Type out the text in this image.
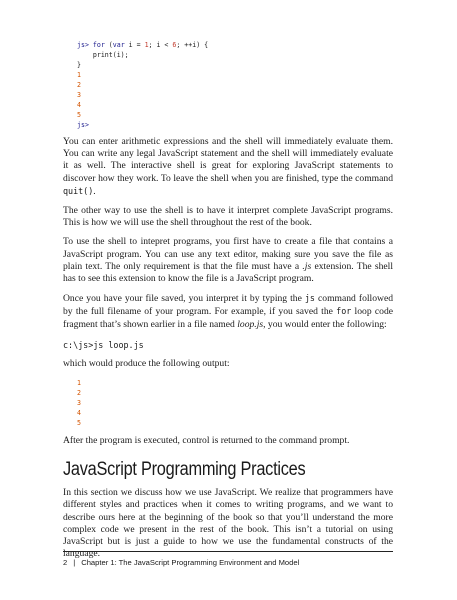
js> for (var i = 1; i < 6; ++i) {
print(i);
}
1
2
3
4
5
js>

You can enter arithmetic expressions and the shell will immediately evaluate them. You can write any legal JavaScript statement and the shell will immediately evaluate it as well. The interactive shell is great for exploring JavaScript statements to discover how they work. To leave the shell when you are finished, type the command quit().

The other way to use the shell is to have it interpret complete JavaScript programs. This is how we will use the shell throughout the rest of the book.

To use the shell to intepret programs, you first have to create a file that contains a JavaScript program. You can use any text editor, making sure you save the file as plain text. The only requirement is that the file must have a .js extension. The shell has to see this extension to know the file is a JavaScript program.

Once you have your file saved, you interpret it by typing the js command followed by the full filename of your program. For example, if you saved the for loop code fragment that’s shown earlier in a file named loop.js, you would enter the following:

c:\js>js loop.js

which would produce the following output:

1
2
3
4
5

After the program is executed, control is returned to the command prompt.

JavaScript Programming Practices

In this section we discuss how we use JavaScript. We realize that programmers have different styles and practices when it comes to writing programs, and we want to describe ours here at the beginning of the book so that you’ll understand the more complex code we present in the rest of the book. This isn’t a tutorial on using JavaScript but is just a guide to how we use the fundamental constructs of the language.

2 | Chapter 1: The JavaScript Programming Environment and Model
